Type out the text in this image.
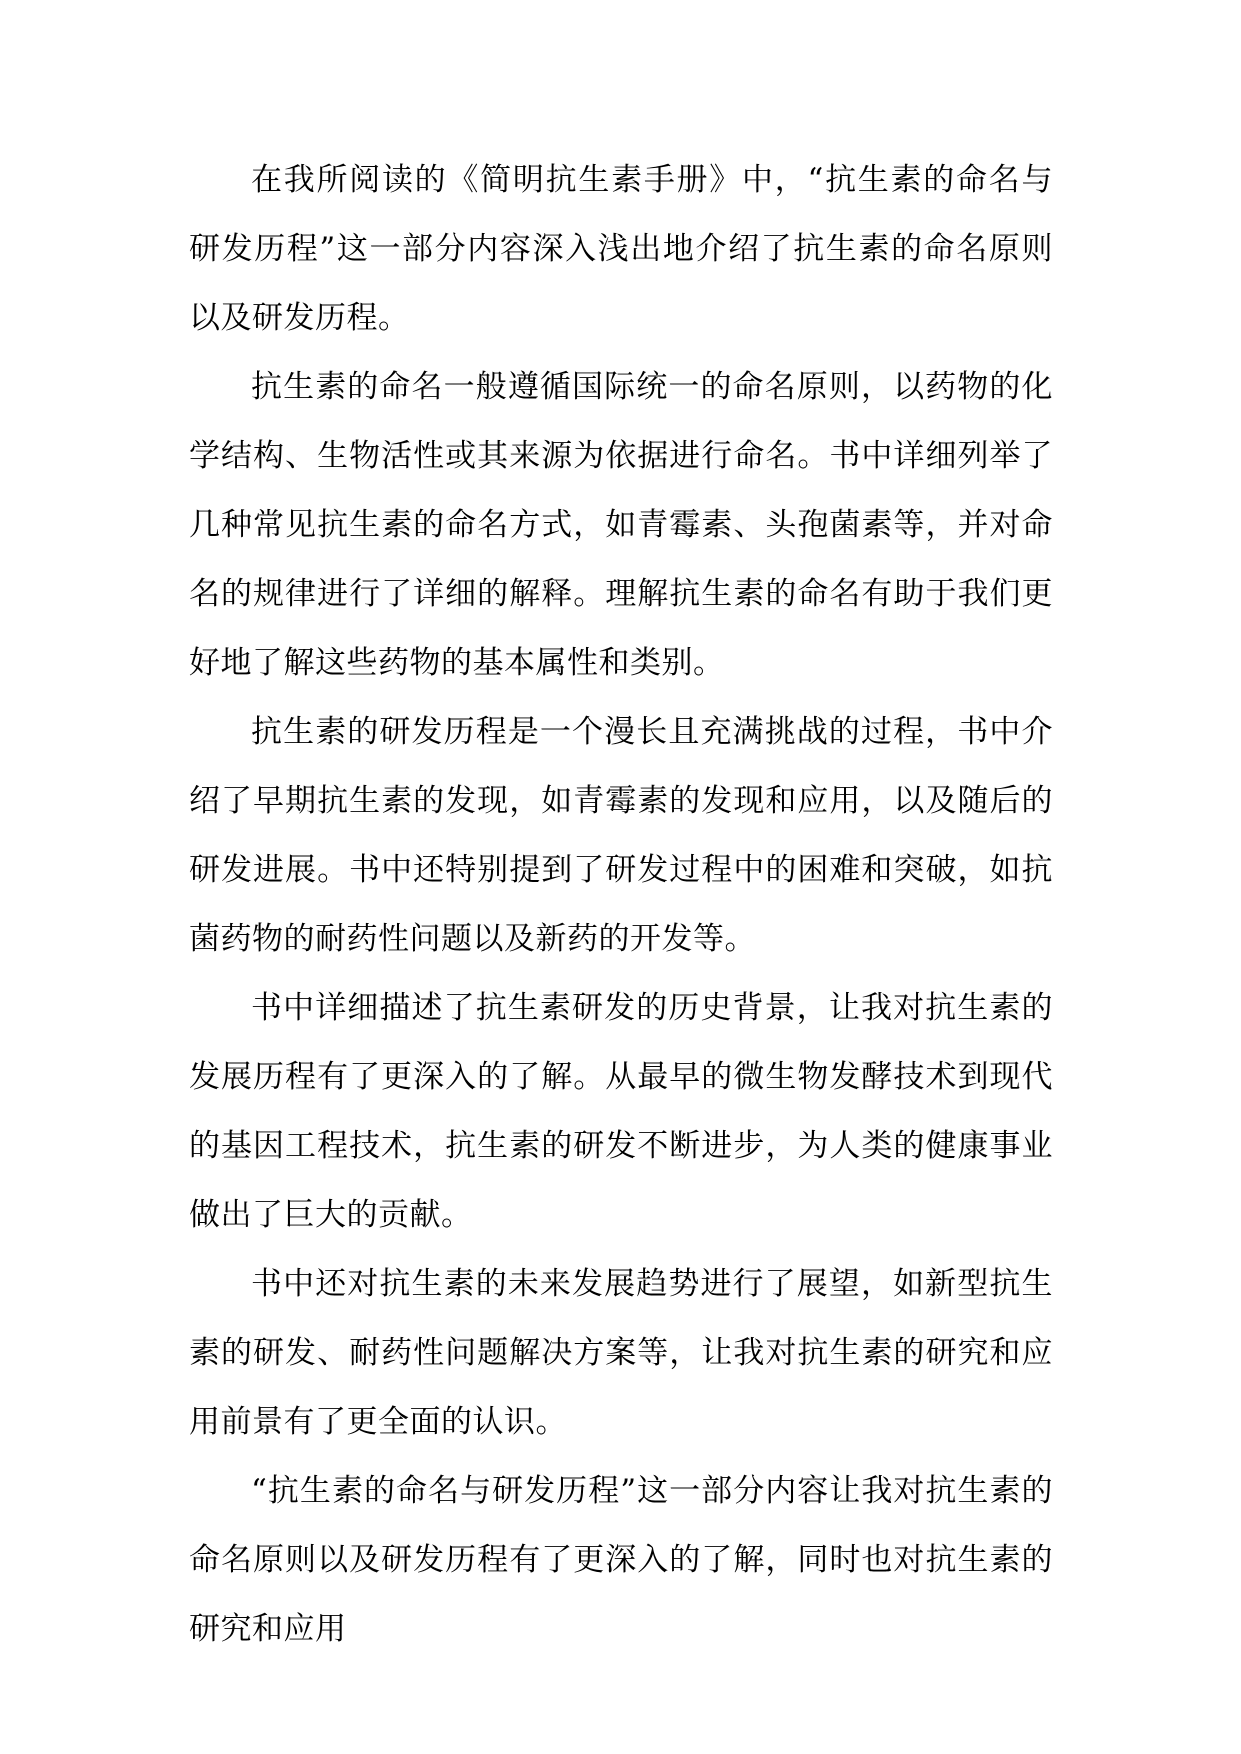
在我所阅读的《简明抗生素手册》中，“抗生素的命名与研发历程”这一部分内容深入浅出地介绍了抗生素的命名原则以及研发历程。

抗生素的命名一般遵循国际统一的命名原则，以药物的化学结构、生物活性或其来源为依据进行命名。书中详细列举了几种常见抗生素的命名方式，如青霉素、头孢菌素等，并对命名的规律进行了详细的解释。理解抗生素的命名有助于我们更好地了解这些药物的基本属性和类别。

抗生素的研发历程是一个漫长且充满挑战的过程，书中介绍了早期抗生素的发现，如青霉素的发现和应用，以及随后的研发进展。书中还特别提到了研发过程中的困难和突破，如抗菌药物的耐药性问题以及新药的开发等。

书中详细描述了抗生素研发的历史背景，让我对抗生素的发展历程有了更深入的了解。从最早的微生物发酵技术到现代的基因工程技术，抗生素的研发不断进步，为人类的健康事业做出了巨大的贡献。

书中还对抗生素的未来发展趋势进行了展望，如新型抗生素的研发、耐药性问题解决方案等，让我对抗生素的研究和应用前景有了更全面的认识。

“抗生素的命名与研发历程”这一部分内容让我对抗生素的命名原则以及研发历程有了更深入的了解，同时也对抗生素的研究和应用
